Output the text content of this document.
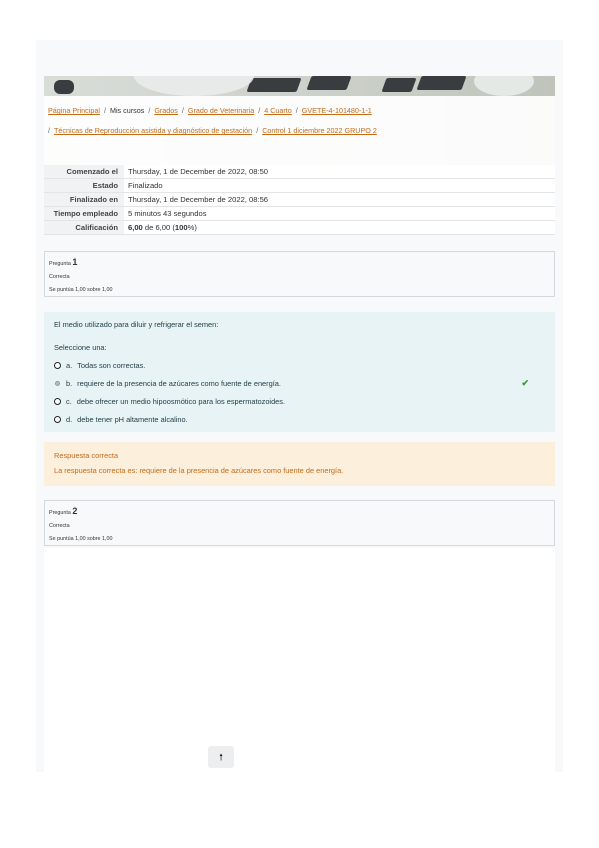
Página Principal / Mis cursos / Grados / Grado de Veterinaria / 4 Cuarto / GVETE-4-101480-1-1
/ Técnicas de Reproducción asistida y diagnóstico de gestación / Control 1 diciembre 2022 GRUPO 2
Comenzado el	Thursday, 1 de December de 2022, 08:50
Estado	Finalizado
Finalizado en	Thursday, 1 de December de 2022, 08:56
Tiempo empleado	5 minutos 43 segundos
Calificación	6,00 de 6,00 (100%)
Pregunta 1
Correcta
Se puntúa 1,00 sobre 1,00

El medio utilizado para diluir y refrigerar el semen:

Seleccione una:

a. Todas son correctas.
b. requiere de la presencia de azúcares como fuente de energía.	✔
c. debe ofrecer un medio hipoosmótico para los espermatozoides.
d. debe tener pH altamente alcalino.
Respuesta correcta
La respuesta correcta es: requiere de la presencia de azúcares como fuente de energía.
Pregunta 2
Correcta
Se puntúa 1,00 sobre 1,00
🠕
